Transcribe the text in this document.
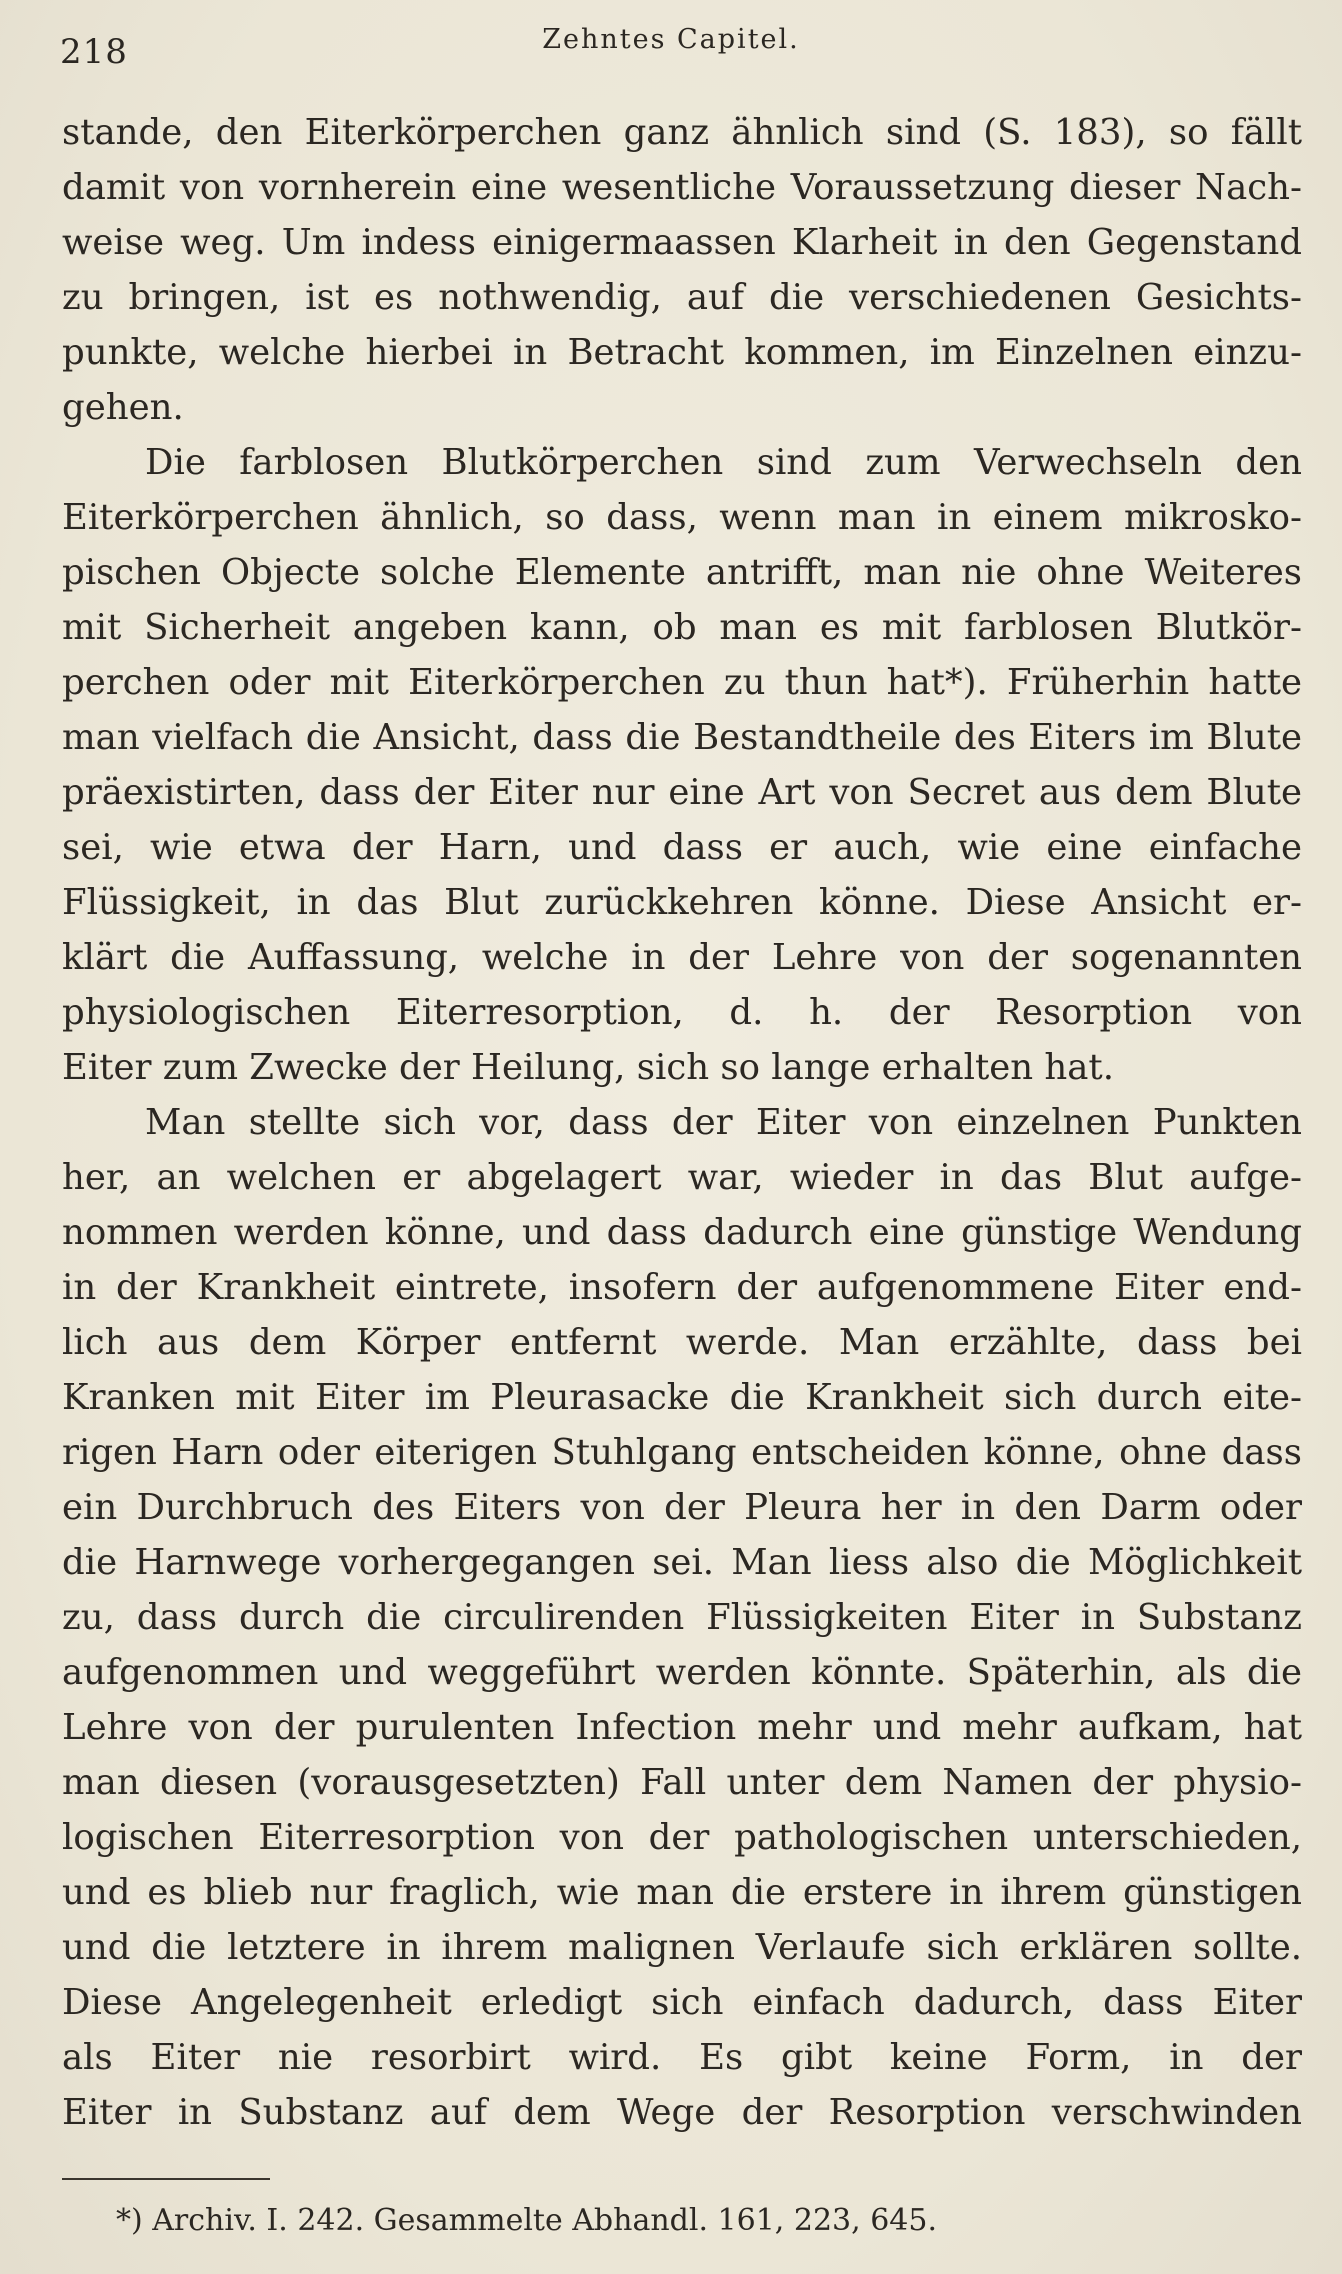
218	Zehntes Capitel.
stande, den Eiterkörperchen ganz ähnlich sind (S. 183), so fällt
damit von vornherein eine wesentliche Voraussetzung dieser Nach-
weise weg. Um indess einigermaassen Klarheit in den Gegenstand
zu bringen, ist es nothwendig, auf die verschiedenen Gesichts-
punkte, welche hierbei in Betracht kommen, im Einzelnen einzu-
gehen.
Die farblosen Blutkörperchen sind zum Verwechseln den
Eiterkörperchen ähnlich, so dass, wenn man in einem mikrosko-
pischen Objecte solche Elemente antrifft, man nie ohne Weiteres
mit Sicherheit angeben kann, ob man es mit farblosen Blutkör-
perchen oder mit Eiterkörperchen zu thun hat*). Früherhin hatte
man vielfach die Ansicht, dass die Bestandtheile des Eiters im Blute
präexistirten, dass der Eiter nur eine Art von Secret aus dem Blute
sei, wie etwa der Harn, und dass er auch, wie eine einfache
Flüssigkeit, in das Blut zurückkehren könne. Diese Ansicht er-
klärt die Auffassung, welche in der Lehre von der sogenannten
physiologischen Eiterresorption, d. h. der Resorption von
Eiter zum Zwecke der Heilung, sich so lange erhalten hat.
Man stellte sich vor, dass der Eiter von einzelnen Punkten
her, an welchen er abgelagert war, wieder in das Blut aufge-
nommen werden könne, und dass dadurch eine günstige Wendung
in der Krankheit eintrete, insofern der aufgenommene Eiter end-
lich aus dem Körper entfernt werde. Man erzählte, dass bei
Kranken mit Eiter im Pleurasacke die Krankheit sich durch eite-
rigen Harn oder eiterigen Stuhlgang entscheiden könne, ohne dass
ein Durchbruch des Eiters von der Pleura her in den Darm oder
die Harnwege vorhergegangen sei. Man liess also die Möglichkeit
zu, dass durch die circulirenden Flüssigkeiten Eiter in Substanz
aufgenommen und weggeführt werden könnte. Späterhin, als die
Lehre von der purulenten Infection mehr und mehr aufkam, hat
man diesen (vorausgesetzten) Fall unter dem Namen der physio-
logischen Eiterresorption von der pathologischen unterschieden,
und es blieb nur fraglich, wie man die erstere in ihrem günstigen
und die letztere in ihrem malignen Verlaufe sich erklären sollte.
Diese Angelegenheit erledigt sich einfach dadurch, dass Eiter
als Eiter nie resorbirt wird. Es gibt keine Form, in der
Eiter in Substanz auf dem Wege der Resorption verschwinden
*) Archiv. I. 242. Gesammelte Abhandl. 161, 223, 645.
